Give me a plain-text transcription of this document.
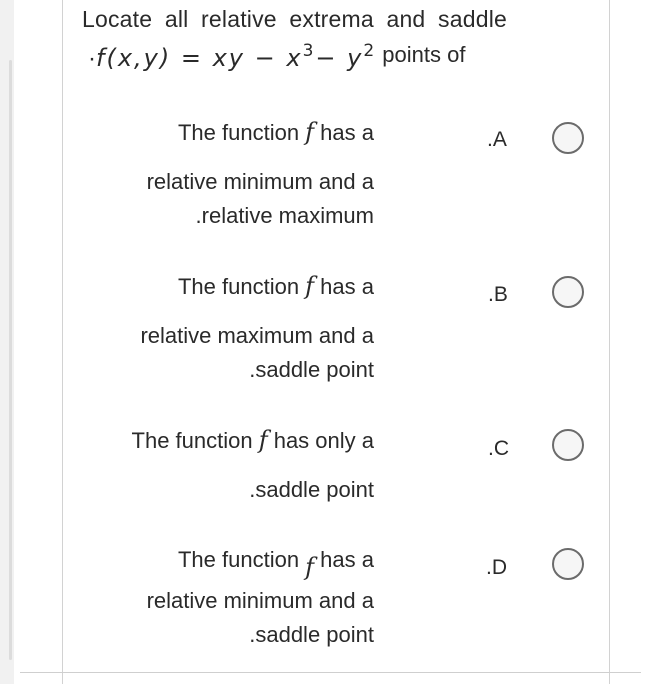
Locate all relative extrema and saddle
·f(x,y) = xy − $x^3- y^2$ points of
The function f has a
relative minimum and a
.relative maximum
.A
The function f has a
relative maximum and a
.saddle point
.B
The function f has only a
.saddle point
.C
The function f has a
relative minimum and a
.saddle point
.D
